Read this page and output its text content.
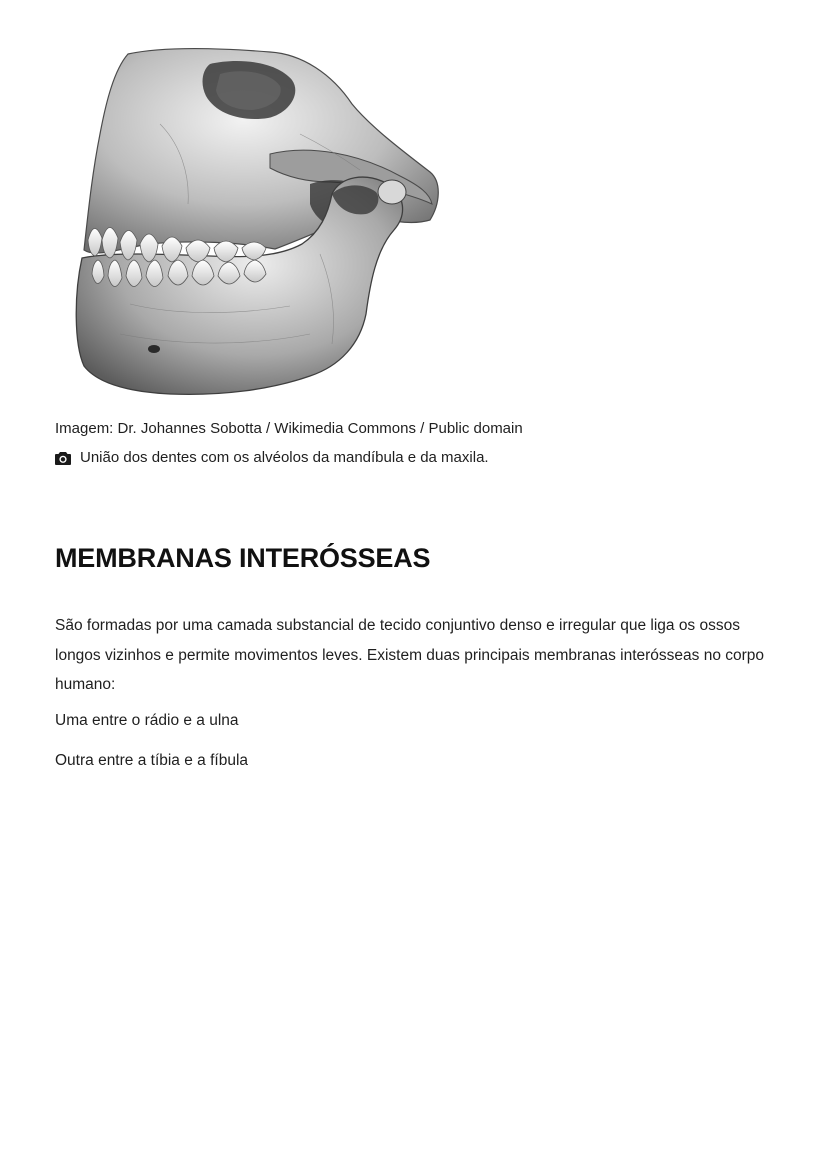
Imagem: Dr. Johannes Sobotta / Wikimedia Commons / Public domain

União dos dentes com os alvéolos da mandíbula e da maxila.
MEMBRANAS INTERÓSSEAS

São formadas por uma camada substancial de tecido conjuntivo denso e irregular que liga os ossos longos vizinhos e permite movimentos leves. Existem duas principais membranas interósseas no corpo humano:

Uma entre o rádio e a ulna

Outra entre a tíbia e a fíbula
